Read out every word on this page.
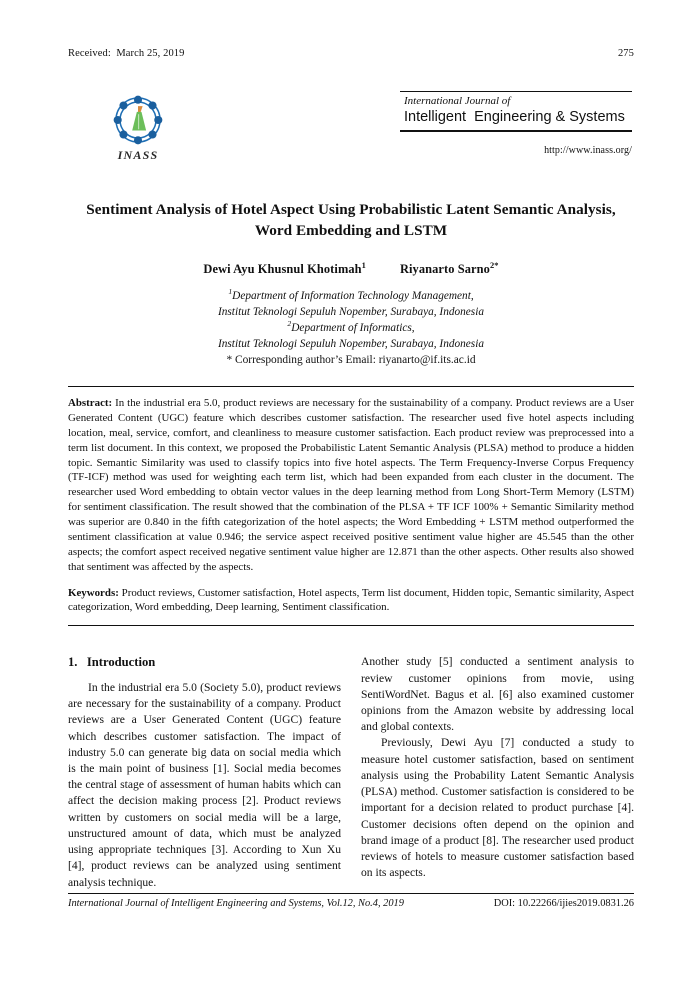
Received:  March 25, 2019	275
INASS
International Journal of
Intelligent  Engineering & Systems
http://www.inass.org/
Sentiment Analysis of Hotel Aspect Using Probabilistic Latent Semantic Analysis,
Word Embedding and LSTM
Dewi Ayu Khusnul Khotimah$^1$	Riyanarto Sarno$^{2*}$
$^1$Department of Information Technology Management,
Institut Teknologi Sepuluh Nopember, Surabaya, Indonesia
$^2$Department of Informatics,
Institut Teknologi Sepuluh Nopember, Surabaya, Indonesia
* Corresponding author’s Email: riyanarto@if.its.ac.id
Abstract: In the industrial era 5.0, product reviews are necessary for the sustainability of a company. Product reviews are a User Generated Content (UGC) feature which describes customer satisfaction. The researcher used five hotel aspects including location, meal, service, comfort, and cleanliness to measure customer satisfaction. Each product review was preprocessed into a term list document. In this context, we proposed the Probabilistic Latent Semantic Analysis (PLSA) method to produce a hidden topic. Semantic Similarity was used to classify topics into five hotel aspects. The Term Frequency-Inverse Corpus Frequency (TF-ICF) method was used for weighting each term list, which had been expanded from each cluster in the document. The researcher used Word embedding to obtain vector values in the deep learning method from Long Short-Term Memory (LSTM) for sentiment classification. The result showed that the combination of the PLSA + TF ICF 100% + Semantic Similarity method was superior are 0.840 in the fifth categorization of the hotel aspects; the Word Embedding + LSTM method outperformed the sentiment classification at value 0.946; the service aspect received positive sentiment value higher are 45.545 than the other aspects; the comfort aspect received negative sentiment value higher are 12.871 than the other aspects. Other results also showed that sentiment was affected by the aspects.
Keywords: Product reviews, Customer satisfaction, Hotel aspects, Term list document, Hidden topic, Semantic similarity, Aspect categorization, Word embedding, Deep learning, Sentiment classification.
1.   Introduction

In the industrial era 5.0 (Society 5.0), product reviews are necessary for the sustainability of a company. Product reviews are a User Generated Content (UGC) feature which describes customer satisfaction. The impact of industry 5.0 can generate big data on social media which is the main point of business [1]. Social media becomes the central stage of assessment of human habits which can affect the decision making process [2]. Product reviews written by customers on social media will be a large, unstructured amount of data, which must be analyzed using appropriate techniques [3]. According to Xun Xu [4], product reviews can be analyzed using sentiment analysis technique.

Another study [5] conducted a sentiment analysis to review customer opinions from movie, using SentiWordNet. Bagus et al. [6] also examined customer opinions from the Amazon website by addressing local and global contexts.

Previously, Dewi Ayu [7] conducted a study to measure hotel customer satisfaction, based on sentiment analysis using the Probability Latent Semantic Analysis (PLSA) method. Customer satisfaction is considered to be important for a decision related to product purchase [4]. Customer decisions often depend on the opinion and brand image of a product [8]. The researcher used product reviews of hotels to measure customer satisfaction based on its aspects.

International Journal of Intelligent Engineering and Systems, Vol.12, No.4, 2019	DOI: 10.22266/ijies2019.0831.26
